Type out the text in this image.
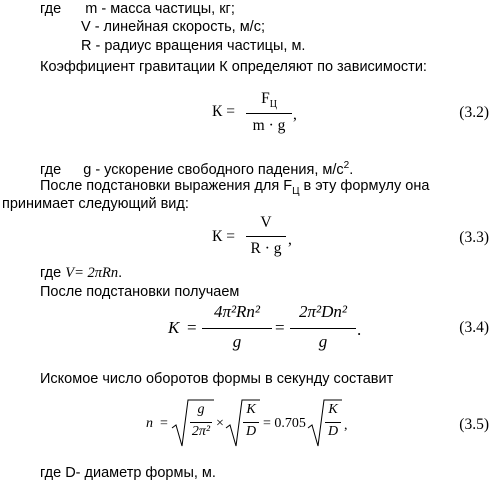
где m - масса частицы, кг;
V - линейная скорость, м/с;
R - радиус вращения частицы, м.
Коэффициент гравитации К определяют по зависимости:
К =
$F_Ц$
m · g
,	(3.2)
где g - ускорение свободного падения, $м/с^2$.
После подстановки выражения для $F_Ц$ в эту формулу она
принимает следующий вид:
К =
V
R · g
,	(3.3)
где V= 2πRn.
После подстановки получаем
K =
4π²Rn²
g
=
2π²Dn²
g
.	(3.4)
Искомое число оборотов формы в секунду составит
n =
g
2π²
×
K
D
= 0.705
K
D ,	(3.5)
где D- диаметр формы, м.
